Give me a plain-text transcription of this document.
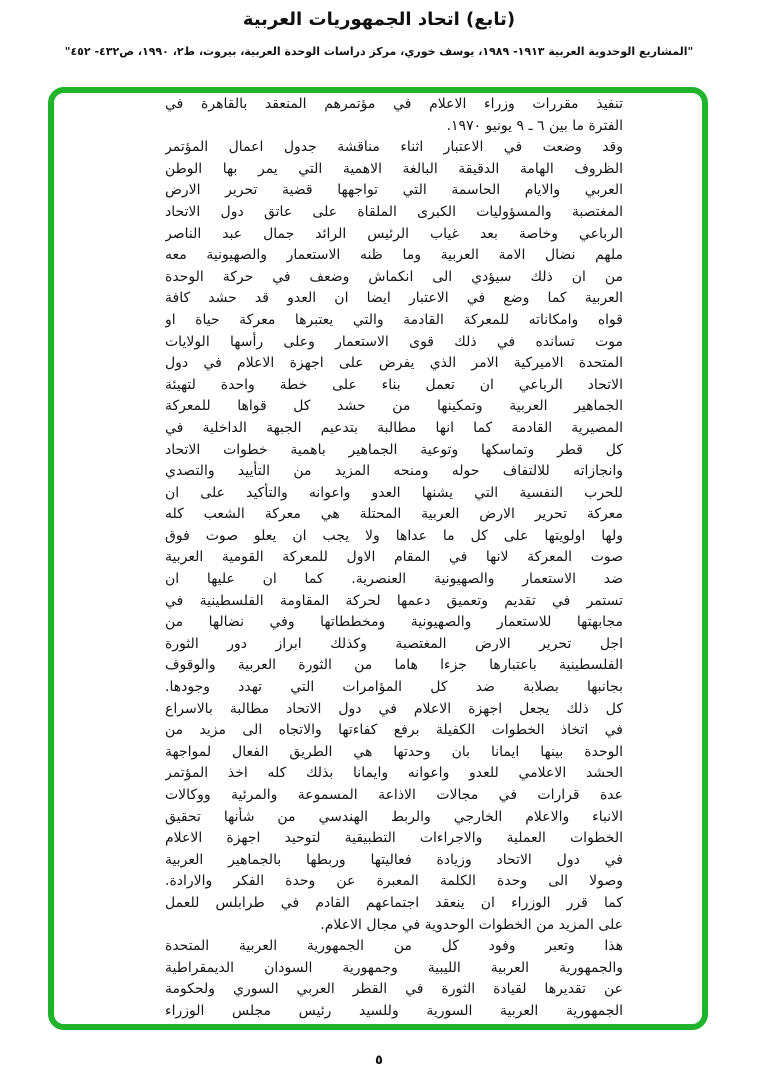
(تابع) اتحاد الجمهوريات العربية
"المشاريع الوحدوية العربية ١٩١٣- ١٩٨٩، يوسف خوري، مركز دراسات الوحدة العربية، بيروت، ط٢، ١٩٩٠، ص٤٣٢- ٤٥٢"
تنفيذ مقررات وزراء الاعلام في مؤتمرهم المنعقد بالقاهرة في
الفترة ما بين ٦ ـ ٩ يونيو ١٩٧٠.
وقد وضعت في الاعتبار اثناء مناقشة جدول اعمال المؤتمر
الظروف الهامة الدقيقة البالغة الاهمية التي يمر بها الوطن
العربي والايام الحاسمة التي تواجهها قضية تحرير الارض
المغتصبة والمسؤوليات الكبرى الملقاة على عاتق دول الاتحاد
الرباعي وخاصة بعد غياب الرئيس الرائد جمال عبد الناصر
ملهم نضال الامة العربية وما ظنه الاستعمار والصهيونية معه
من ان ذلك سيؤدي الى انكماش وضعف في حركة الوحدة
العربية كما وضع في الاعتبار ايضا ان العدو قد حشد كافة
قواه وامكاناته للمعركة القادمة والتي يعتبرها معركة حياة او
موت تسانده في ذلك قوى الاستعمار وعلى رأسها الولايات
المتحدة الاميركية الامر الذي يفرض على اجهزة الاعلام في دول
الاتحاد الرباعي ان تعمل بناء على خطة واحدة لتهيئة
الجماهير العربية وتمكينها من حشد كل قواها للمعركة
المصيرية القادمة كما انها مطالبة بتدعيم الجبهة الداخلية في
كل قطر وتماسكها وتوعية الجماهير باهمية خطوات الاتحاد
وانجازاته للالتفاف حوله ومنحه المزيد من التأييد والتصدي
للحرب النفسية التي يشنها العدو واعوانه والتأكيد على ان
معركة تحرير الارض العربية المحتلة هي معركة الشعب كله
ولها اولويتها على كل ما عداها ولا يجب ان يعلو صوت فوق
صوت المعركة لانها في المقام الاول للمعركة القومية العربية
ضد الاستعمار والصهيونية العنصرية. كما ان عليها ان
تستمر في تقديم وتعميق دعمها لحركة المقاومة الفلسطينية في
مجابهتها للاستعمار والصهيونية ومخططاتها وفي نضالها من
اجل تحرير الارض المغتصبة وكذلك ابراز دور الثورة
الفلسطينية باعتبارها جزءا هاما من الثورة العربية والوقوف
بجانبها بصلابة ضد كل المؤامرات التي تهدد وجودها.
كل ذلك يجعل اجهزة الاعلام في دول الاتحاد مطالبة بالاسراع
في اتخاذ الخطوات الكفيلة برفع كفاءتها والاتجاه الى مزيد من
الوحدة بينها ايمانا بان وحدتها هي الطريق الفعال لمواجهة
الحشد الاعلامي للعدو واعوانه وايمانا بذلك كله اخذ المؤتمر
عدة قرارات في مجالات الاذاعة المسموعة والمرئية ووكالات
الانباء والاعلام الخارجي والربط الهندسي من شأنها تحقيق
الخطوات العملية والاجراءات التطبيقية لتوحيد اجهزة الاعلام
في دول الاتحاد وزيادة فعاليتها وربطها بالجماهير العربية
وصولا الى وحدة الكلمة المعبرة عن وحدة الفكر والارادة.
كما قرر الوزراء ان ينعقد اجتماعهم القادم في طرابلس للعمل
على المزيد من الخطوات الوحدوية في مجال الاعلام.
هذا وتعبر وفود كل من الجمهورية العربية المتحدة
والجمهورية العربية الليبية وجمهورية السودان الديمقراطية
عن تقديرها لقيادة الثورة في القطر العربي السوري ولحكومة
الجمهورية العربية السورية وللسيد رئيس مجلس الوزراء
٥
